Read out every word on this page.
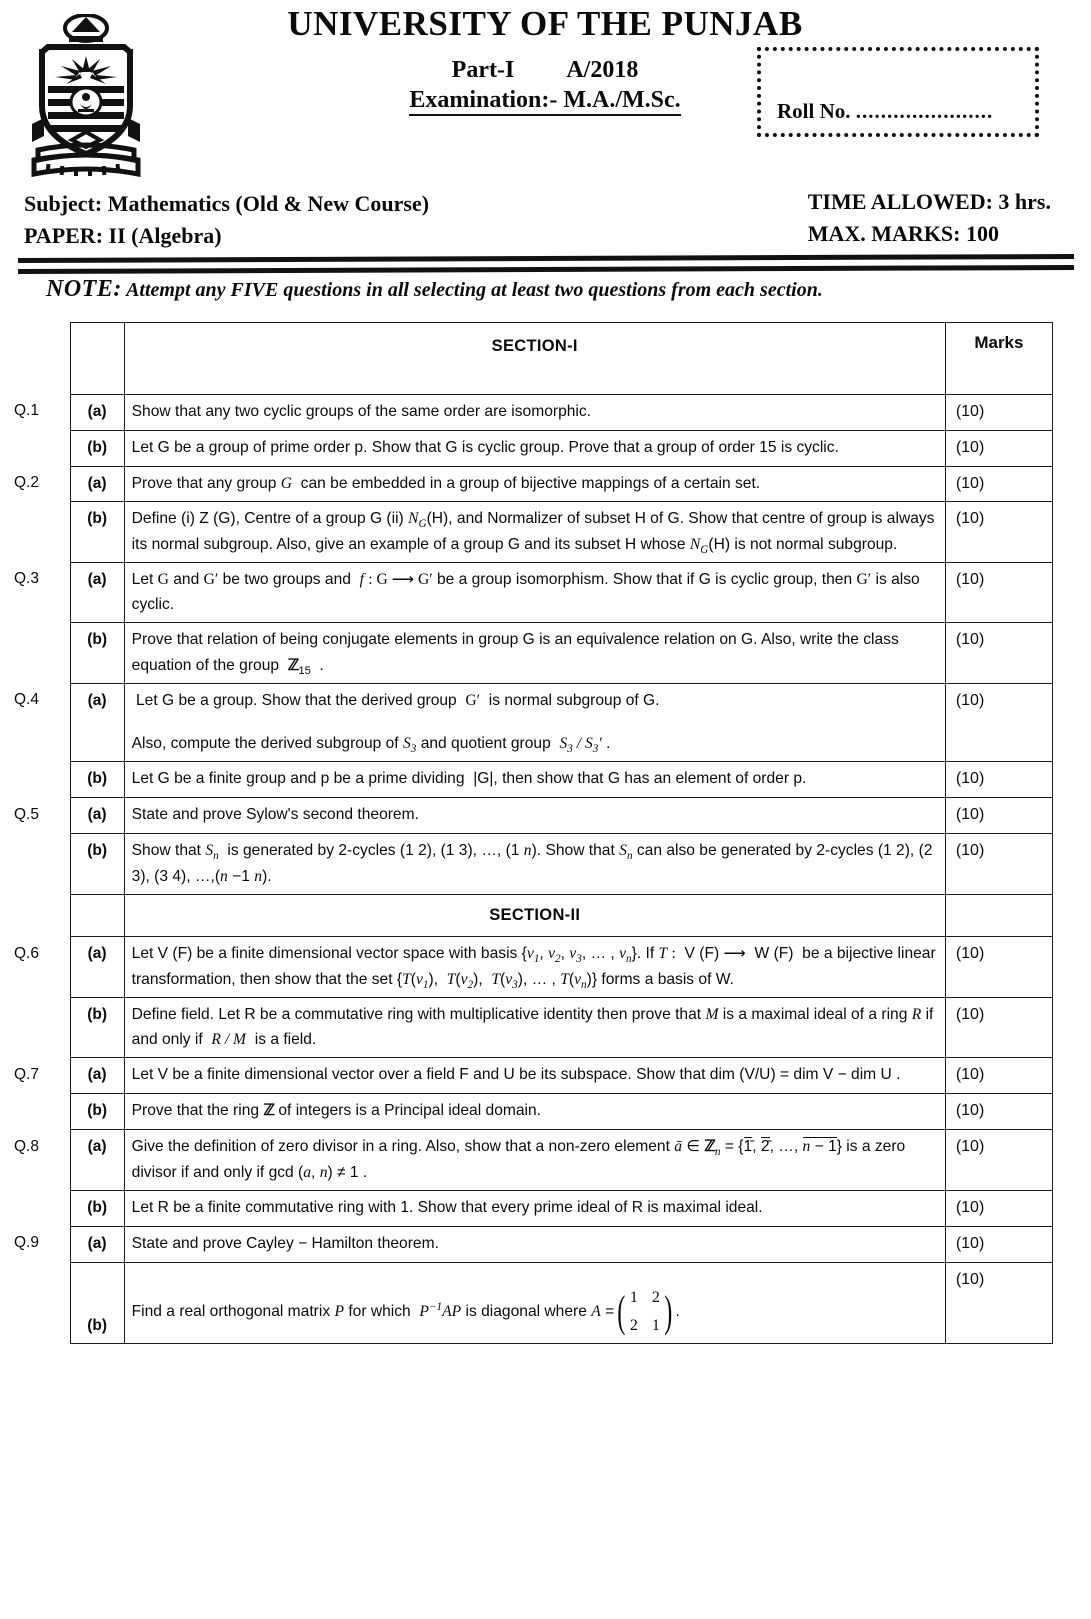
UNIVERSITY OF THE PUNJAB
Part-I A/2018
Examination:- M.A./M.Sc.	Roll No. ......................
Subject: Mathematics (Old & New Course)
PAPER: II (Algebra)
TIME ALLOWED: 3 hrs.
MAX. MARKS: 100
NOTE: Attempt any FIVE questions in all selecting at least two questions from each section.
		SECTION-I	Marks
Q.1	(a)	Show that any two cyclic groups of the same order are isomorphic.	(10)
	(b)	Let G be a group of prime order p. Show that G is cyclic group. Prove that a group of order 15 is cyclic.	(10)
Q.2	(a)	Prove that any group G  can be embedded in a group of bijective mappings of a certain set.	(10)
	(b)	Define (i) Z (G), Centre of a group G (ii) $N_G(H)$, and Normalizer of subset H of G. Show that centre of group is always its normal subgroup. Also, give an example of a group G and its subset H whose $N_G(H)$ is not normal subgroup.	(10)
Q.3	(a)	Let G and G′ be two groups and  f : G ⟶ G′ be a group isomorphism. Show that if G is cyclic group, then G′ is also cyclic.	(10)
	(b)	Prove that relation of being conjugate elements in group G is an equivalence relation on G. Also, write the class equation of the group  ℤ$_{15}$  .	(10)
Q.4	(a)	Let G be a group. Show that the derived group  G′  is normal subgroup of G.
Also, compute the derived subgroup of $S_3$ and quotient group  $S_3 / S_3'$ .	(10)
	(b)	Let G be a finite group and p be a prime dividing  |G|, then show that G has an element of order p.	(10)
Q.5	(a)	State and prove Sylow's second theorem.	(10)
	(b)	Show that $S_n$  is generated by 2-cycles (1 2), (1 3), …, (1 n). Show that $S_n$ can also be generated by 2-cycles (1 2), (2 3), (3 4), …,(n −1 n).	(10)
		SECTION-II	
Q.6	(a)	Let V (F) be a finite dimensional vector space with basis {$v_1$, $v_2$, $v_3$, … , $v_n$}. If T :  V (F) ⟶  W (F)  be a bijective linear transformation, then show that the set {$T(v_1)$,  $T(v_2)$,  $T(v_3)$, … , $T(v_n)$} forms a basis of W.	(10)
	(b)	Define field. Let R be a commutative ring with multiplicative identity then prove that M is a maximal ideal of a ring R if and only if  R / M  is a field.	(10)
Q.7	(a)	Let V be a finite dimensional vector over a field F and U be its subspace. Show that dim (V/U) = dim V − dim U .	(10)
	(b)	Prove that the ring ℤ of integers is a Principal ideal domain.	(10)
Q.8	(a)	Give the definition of zero divisor in a ring. Also, show that a non-zero element ā ∈ ℤ$_n$ = {1̄, 2̄, …, n − 1} is a zero divisor if and only if gcd (a, n) ≠ 1 .	(10)
	(b)	Let R be a finite commutative ring with 1. Show that every prime ideal of R is maximal ideal.	(10)
Q.9	(a)	State and prove Cayley − Hamilton theorem.	(10)
	(b)	Find a real orthogonal matrix P for which  $P^{-1}AP$ is diagonal where A = ( 1 2
2 1 ) .	(10)
